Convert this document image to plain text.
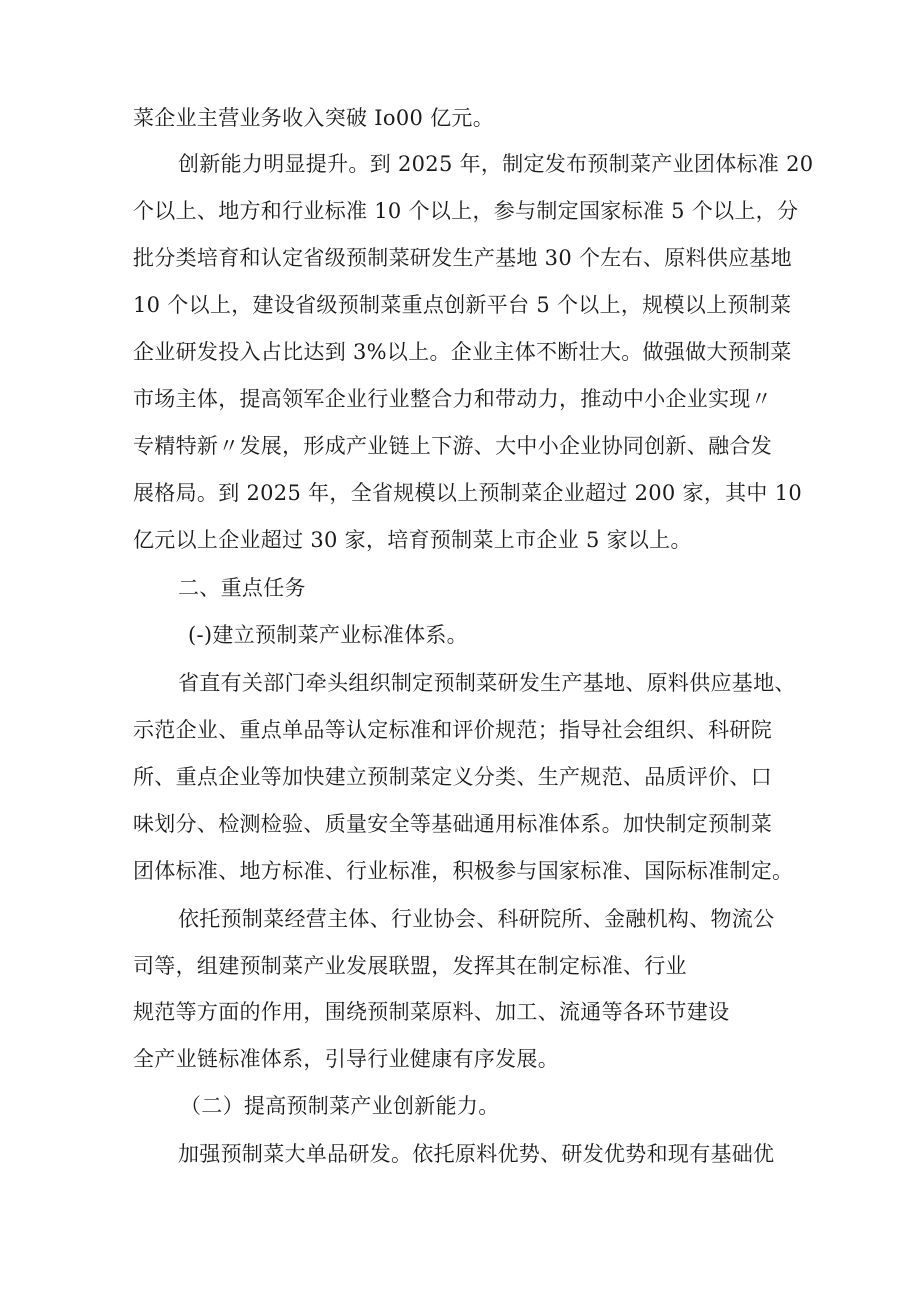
菜企业主营业务收入突破 Io00 亿元。
创新能力明显提升。到 2025 年，制定发布预制菜产业团体标准 20
个以上、地方和行业标准 10 个以上，参与制定国家标准 5 个以上，分
批分类培育和认定省级预制菜研发生产基地 30 个左右、原料供应基地
10 个以上，建设省级预制菜重点创新平台 5 个以上，规模以上预制菜
企业研发投入占比达到 3%以上。企业主体不断壮大。做强做大预制菜
市场主体，提高领军企业行业整合力和带动力，推动中小企业实现〃
专精特新〃发展，形成产业链上下游、大中小企业协同创新、融合发
展格局。到 2025 年，全省规模以上预制菜企业超过 200 家，其中 10
亿元以上企业超过 30 家，培育预制菜上市企业 5 家以上。
二、重点任务
(-)建立预制菜产业标准体系。
省直有关部门牵头组织制定预制菜研发生产基地、原料供应基地、
示范企业、重点单品等认定标准和评价规范；指导社会组织、科研院
所、重点企业等加快建立预制菜定义分类、生产规范、品质评价、口
味划分、检测检验、质量安全等基础通用标准体系。加快制定预制菜
团体标准、地方标准、行业标准，积极参与国家标准、国际标准制定。
依托预制菜经营主体、行业协会、科研院所、金融机构、物流公
司等，组建预制菜产业发展联盟，发挥其在制定标准、行业
规范等方面的作用，围绕预制菜原料、加工、流通等各环节建设
全产业链标准体系，引导行业健康有序发展。
（二）提高预制菜产业创新能力。
加强预制菜大单品研发。依托原料优势、研发优势和现有基础优
